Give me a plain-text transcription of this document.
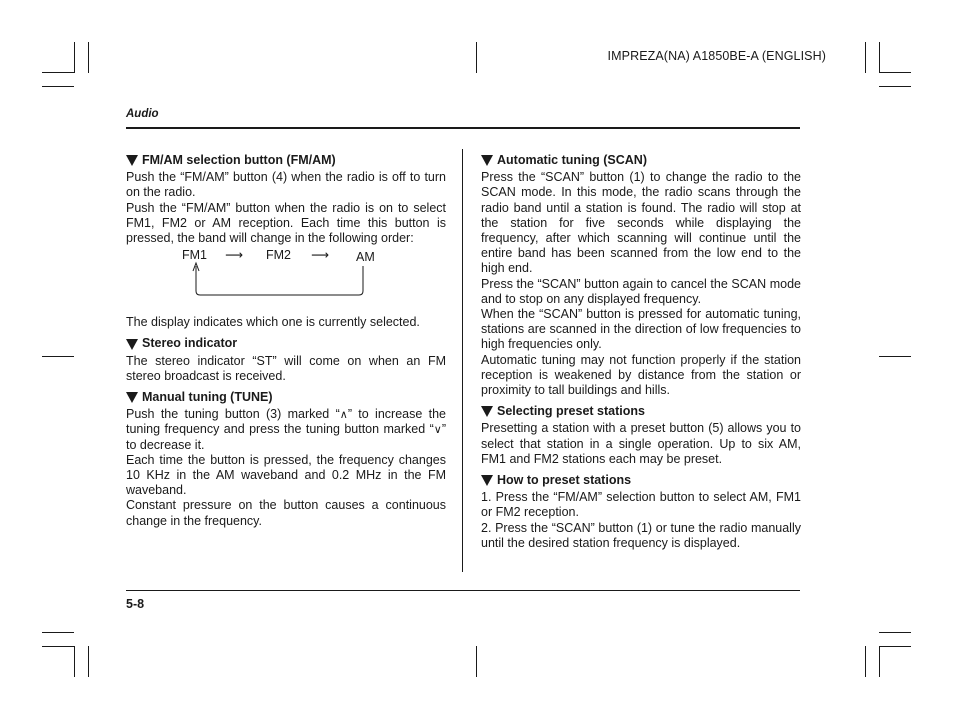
IMPREZA(NA) A1850BE-A (ENGLISH)
Audio
5-8
FM/AM selection button (FM/AM)

Push the “FM/AM” button (4) when the radio is off to turn on the radio.

Push the “FM/AM” button when the radio is on to select FM1, FM2 or AM reception. Each time this button is pressed, the band will change in the following order:

FM1 ⟶ FM2 ⟶ AM

The display indicates which one is currently selected.

Stereo indicator

The stereo indicator “ST” will come on when an FM stereo broadcast is received.

Manual tuning (TUNE)

Push the tuning button (3) marked “∧” to increase the tuning frequency and press the tuning button marked “∨” to decrease it.

Each time the button is pressed, the frequency changes 10 KHz in the AM waveband and 0.2 MHz in the FM waveband.

Constant pressure on the button causes a continuous change in the frequency.

Automatic tuning (SCAN)

Press the “SCAN” button (1) to change the radio to the SCAN mode. In this mode, the radio scans through the radio band until a station is found. The radio will stop at the station for five seconds while displaying the frequency, after which scanning will continue until the entire band has been scanned from the low end to the high end.

Press the “SCAN” button again to cancel the SCAN mode and to stop on any displayed frequency.

When the “SCAN” button is pressed for automatic tuning, stations are scanned in the direction of low frequencies to high frequencies only.

Automatic tuning may not function properly if the station reception is weakened by distance from the station or proximity to tall buildings and hills.

Selecting preset stations

Presetting a station with a preset button (5) allows you to select that station in a single operation. Up to six AM, FM1 and FM2 stations each may be preset.

How to preset stations

1. Press the “FM/AM” selection button to select AM, FM1 or FM2 reception.

2. Press the “SCAN” button (1) or tune the radio manually until the desired station frequency is displayed.
